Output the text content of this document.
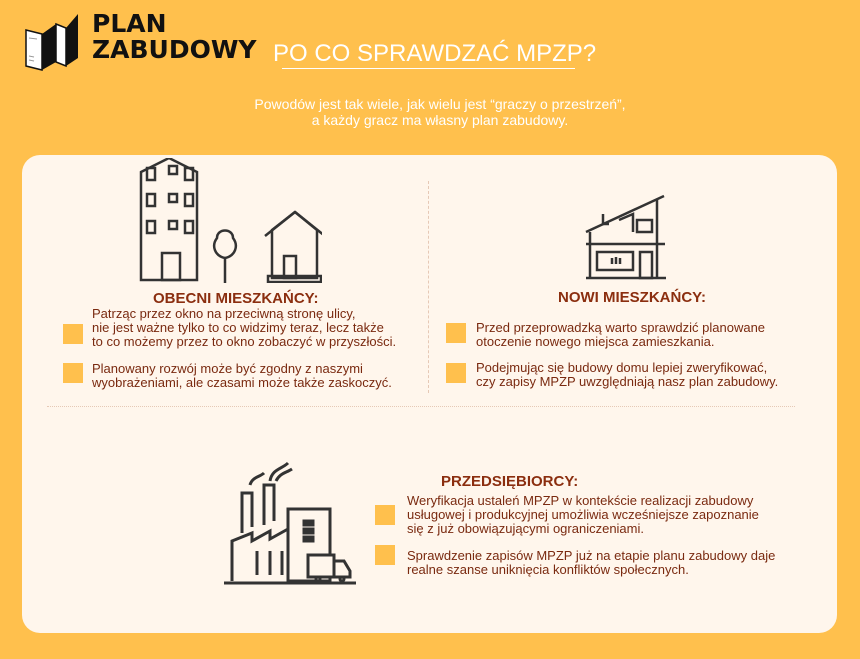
PLAN
ZABUDOWY PO CO SPRAWDZAĆ MPZP?
Powodów jest tak wiele, jak wielu jest “graczy o przestrzeń”,
a każdy gracz ma własny plan zabudowy.
OBECNI MIESZKAŃCY:
Patrząc przez okno na przeciwną stronę ulicy,
nie jest ważne tylko to co widzimy teraz, lecz także
to co możemy przez to okno zobaczyć w przyszłości.
Planowany rozwój może być zgodny z naszymi
wyobrażeniami, ale czasami może także zaskoczyć.
NOWI MIESZKAŃCY:
Przed przeprowadzką warto sprawdzić planowane
otoczenie nowego miejsca zamieszkania.
Podejmując się budowy domu lepiej zweryfikować,
czy zapisy MPZP uwzględniają nasz plan zabudowy.
PRZEDSIĘBIORCY:
Weryfikacja ustaleń MPZP w kontekście realizacji zabudowy
usługowej i produkcyjnej umożliwia wcześniejsze zapoznanie
się z już obowiązującymi ograniczeniami.
Sprawdzenie zapisów MPZP już na etapie planu zabudowy daje
realne szanse uniknięcia konfliktów społecznych.
